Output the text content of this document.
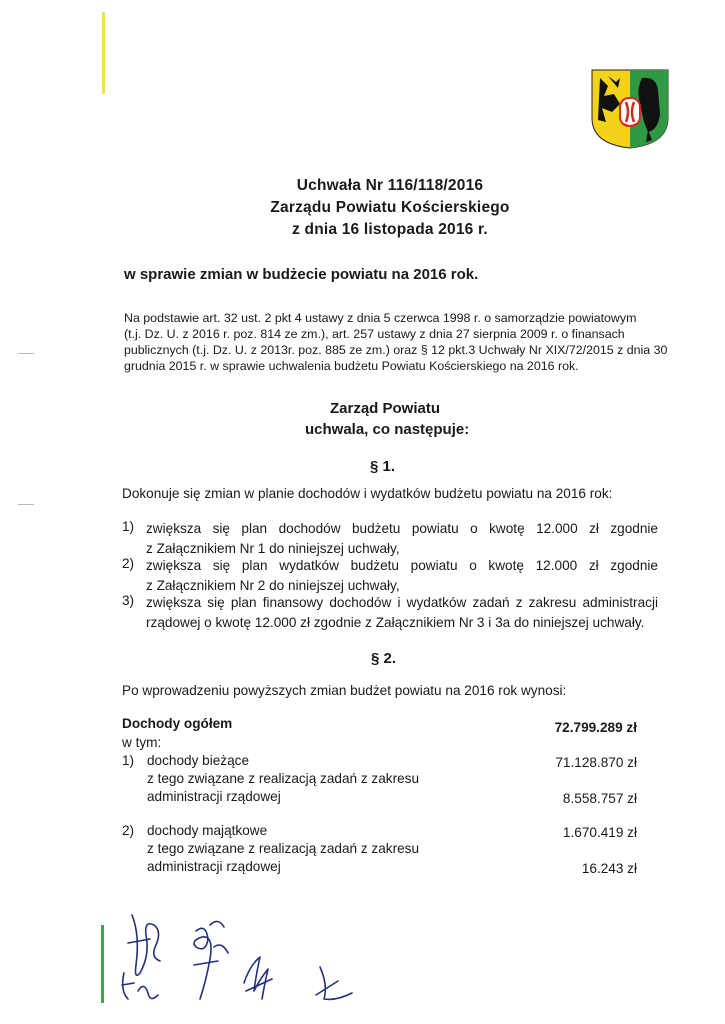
Uchwała Nr 116/118/2016
Zarządu Powiatu Kościerskiego
z dnia 16 listopada 2016 r.
w sprawie zmian w budżecie powiatu na 2016 rok.
Na podstawie art. 32 ust. 2 pkt 4 ustawy z dnia 5 czerwca 1998 r. o samorządzie powiatowym
(t.j. Dz. U. z 2016 r. poz. 814 ze zm.), art. 257 ustawy z dnia 27 sierpnia 2009 r. o finansach
publicznych (t.j. Dz. U. z 2013r. poz. 885 ze zm.) oraz § 12 pkt.3 Uchwały Nr XIX/72/2015 z dnia 30
grudnia 2015 r. w sprawie uchwalenia budżetu Powiatu Kościerskiego na 2016 rok.
Zarząd Powiatu
uchwala, co następuje:
§ 1.
Dokonuje się zmian w planie dochodów i wydatków budżetu powiatu na 2016 rok:
1) zwiększa się plan dochodów budżetu powiatu o kwotę 12.000 zł zgodnie
z Załącznikiem Nr 1 do niniejszej uchwały,
2) zwiększa się plan wydatków budżetu powiatu o kwotę 12.000 zł zgodnie
z Załącznikiem Nr 2 do niniejszej uchwały,
3) zwiększa się plan finansowy dochodów i wydatków zadań z zakresu administracji
rządowej o kwotę 12.000 zł zgodnie z Załącznikiem Nr 3 i 3a do niniejszej uchwały.
§ 2.
Po wprowadzeniu powyższych zmian budżet powiatu na 2016 rok wynosi:
Dochody ogółem	72.799.289 zł
w tym:
1) dochody bieżące	71.128.870 zł
z tego związane z realizacją zadań z zakresu
administracji rządowej	8.558.757 zł
2) dochody majątkowe	1.670.419 zł
z tego związane z realizacją zadań z zakresu
administracji rządowej	16.243 zł
